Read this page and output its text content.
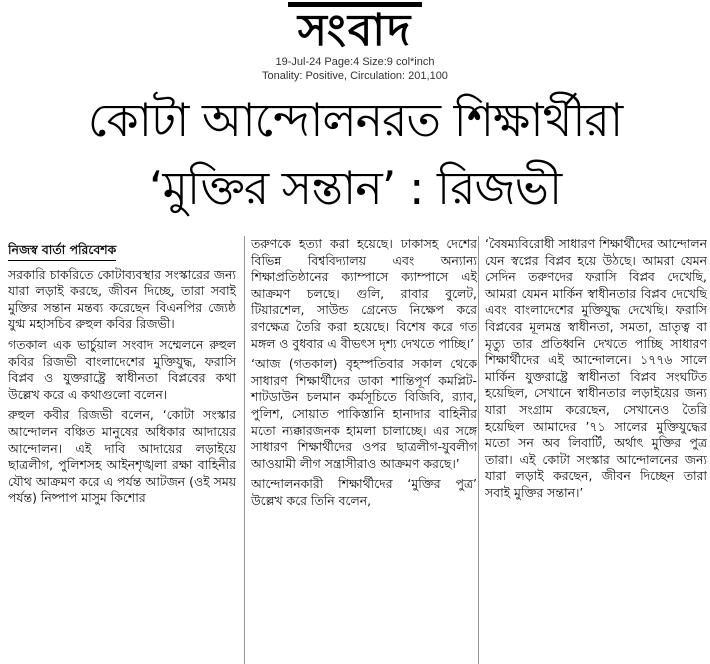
সংবাদ
19-Jul-24 Page:4 Size:9 col*inch
Tonality: Positive, Circulation: 201,100
কোটা আন্দোলনরত শিক্ষার্থীরা
‘মুক্তির সন্তান’ : রিজভী
নিজস্ব বার্তা পরিবেশক

সরকারি চাকরিতে কোটাব্যবস্থার সংস্কারের জন্য যারা লড়াই করছে, জীবন দিচ্ছে, তারা সবাই মুক্তির সন্তান মন্তব্য করেছেন বিএনপির জ্যেষ্ঠ যুগ্ম মহাসচিব রুহুল কবির রিজভী।

গতকাল এক ভার্চুয়াল সংবাদ সম্মেলনে রুহুল কবির রিজভী বাংলাদেশের মুক্তিযুদ্ধ, ফরাসি বিপ্লব ও যুক্তরাষ্ট্রে স্বাধীনতা বিপ্লবের কথা উল্লেখ করে এ কথাগুলো বলেন।

রুহুল কবীর রিজভী বলেন, ‘কোটা সংস্কার আন্দোলন বঞ্চিত মানুষের অধিকার আদায়ের আন্দোলন। এই দাবি আদায়ের লড়াইয়ে ছাত্রলীগ, পুলিশসহ আইনশৃঙ্খলা রক্ষা বাহিনীর যৌথ আক্রমণ করে এ পর্যন্ত আটজন (ওই সময় পর্যন্ত) নিষ্পাপ মাসুম কিশোর

তরুণকে হত্যা করা হয়েছে। ঢাকাসহ দেশের বিভিন্ন বিশ্ববিদ্যালয় এবং অন্যান্য শিক্ষাপ্রতিষ্ঠানের ক্যাম্পাসে ক্যাম্পাসে এই আক্রমণ চলছে। গুলি, রাবার বুলেট, টিয়ারশেল, সাউন্ড গ্রেনেড নিক্ষেপ করে রণক্ষেত্র তৈরি করা হয়েছে। বিশেষ করে গত মঙ্গল ও বুধবার এ বীভৎস দৃশ্য দেখতে পাচ্ছি।’

‘আজ (গতকাল) বৃহস্পতিবার সকাল থেকে সাধারণ শিক্ষার্থীদের ডাকা শান্তিপূর্ণ কমপ্লিট- শাটডাউন চলমান কর্মসূচিতে বিজিবি, র‍্যাব, পুলিশ, সোয়াত পাকিস্তানি হানাদার বাহিনীর মতো ন্যক্কারজনক হামলা চালাচ্ছে। এর সঙ্গে সাধারণ শিক্ষার্থীদের ওপর ছাত্রলীগ-যুবলীগ আওয়ামী লীগ সন্ত্রাসীরাও আক্রমণ করছে।’

আন্দোলনকারী শিক্ষার্থীদের ‘মুক্তির পুত্র’ উল্লেখ করে তিনি বলেন,

‘বৈষম্যবিরোধী সাধারণ শিক্ষার্থীদের আন্দোলন যেন স্বপ্নের বিপ্লব হয়ে উঠছে। আমরা যেমন সেদিন তরুণদের ফরাসি বিপ্লব দেখেছি, আমরা যেমন মার্কিন স্বাধীনতার বিপ্লব দেখেছি এবং বাংলাদেশের মুক্তিযুদ্ধ দেখেছি। ফরাসি বিপ্লবের মূলমন্ত্র স্বাধীনতা, সমতা, ভ্রাতৃত্ব বা মৃত্যু তার প্রতিধ্বনি দেখতে পাচ্ছি সাধারণ শিক্ষার্থীদের এই আন্দোলনে। ১৭৭৬ সালে মার্কিন যুক্তরাষ্ট্রে স্বাধীনতা বিপ্লব সংঘটিত হয়েছিল, সেখানে স্বাধীনতার লড়াইয়ের জন্য যারা সংগ্রাম করেছেন, সেখানেও তৈরি হয়েছিল আমাদের ’৭১ সালের মুক্তিযুদ্ধের মতো সন অব লিবার্টি, অর্থাৎ মুক্তির পুত্র তারা। এই কোটা সংস্কার আন্দোলনের জন্য যারা লড়াই করছেন, জীবন দিচ্ছেন তারা সবাই মুক্তির সন্তান।’
